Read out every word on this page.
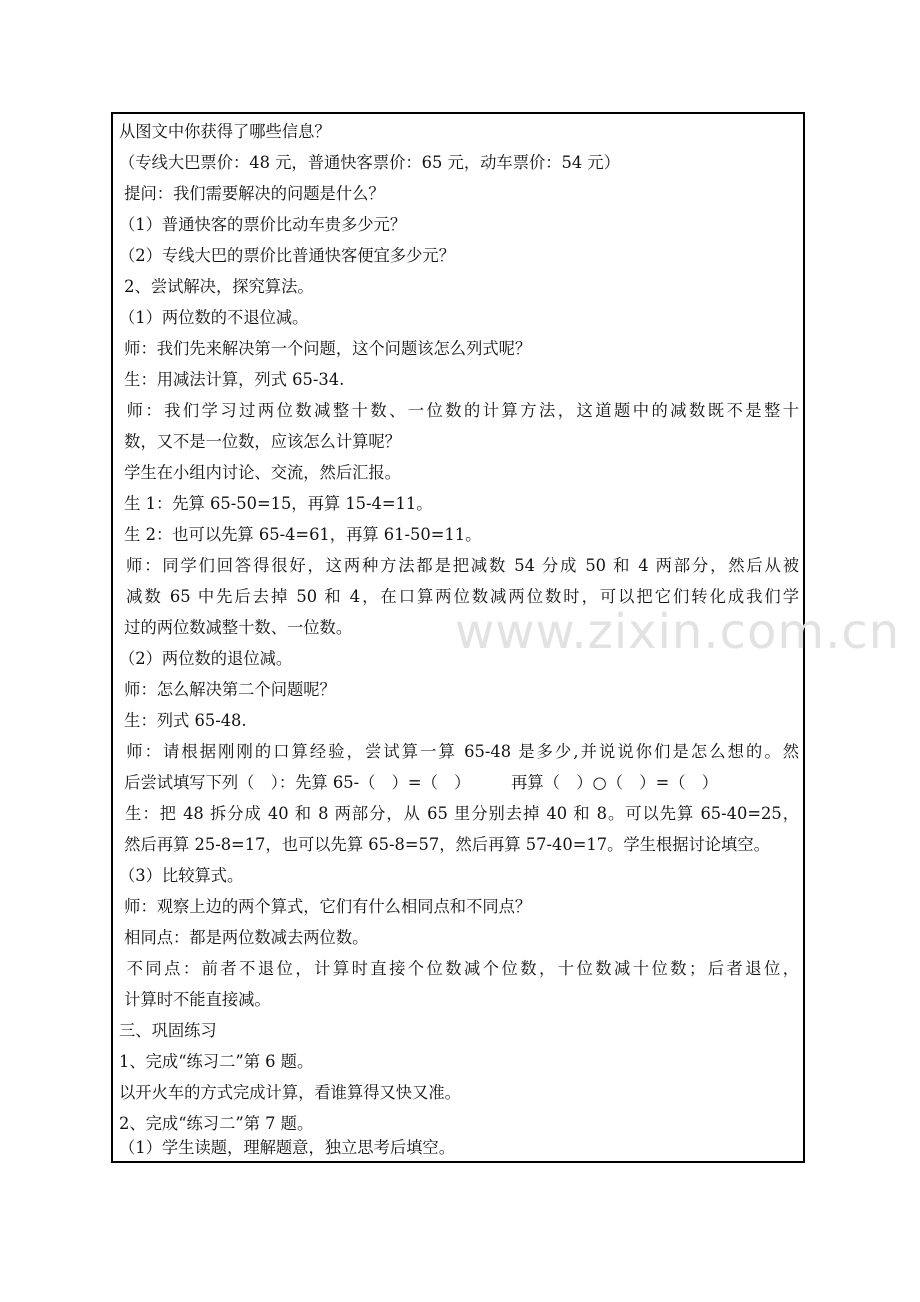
从图文中你获得了哪些信息？
（专线大巴票价：48 元，普通快客票价：65 元，动车票价：54 元）
提问：我们需要解决的问题是什么？
（1）普通快客的票价比动车贵多少元？
（2）专线大巴的票价比普通快客便宜多少元？
2、尝试解决，探究算法。
（1）两位数的不退位减。
师：我们先来解决第一个问题，这个问题该怎么列式呢？
生：用减法计算，列式 65-34.
师：我们学习过两位数减整十数、一位数的计算方法，这道题中的减数既不是整十
数，又不是一位数，应该怎么计算呢？
学生在小组内讨论、交流，然后汇报。
生 1：先算 65-50=15，再算 15-4=11。
生 2：也可以先算 65-4=61，再算 61-50=11。
师：同学们回答得很好，这两种方法都是把减数 54 分成 50 和 4 两部分，然后从被
减数 65 中先后去掉 50 和 4，在口算两位数减两位数时，可以把它们转化成我们学
过的两位数减整十数、一位数。
（2）两位数的退位减。
师：怎么解决第二个问题呢？
生：列式 65-48.
师：请根据刚刚的口算经验，尝试算一算 65-48 是多少,并说说你们是怎么想的。然
后尝试填写下列（　）：先算 65-（　）=（　）　　　再算（　）○（　）=（　）
生：把 48 拆分成 40 和 8 两部分，从 65 里分别去掉 40 和 8。可以先算 65-40=25，
然后再算 25-8=17，也可以先算 65-8=57，然后再算 57-40=17。学生根据讨论填空。
（3）比较算式。
师：观察上边的两个算式，它们有什么相同点和不同点？
相同点：都是两位数减去两位数。
不同点：前者不退位，计算时直接个位数减个位数，十位数减十位数；后者退位，
计算时不能直接减。
三、巩固练习
1、完成“练习二”第 6 题。
以开火车的方式完成计算，看谁算得又快又准。
2、完成“练习二”第 7 题。
（1）学生读题，理解题意，独立思考后填空。
www.zixin.com.cn
